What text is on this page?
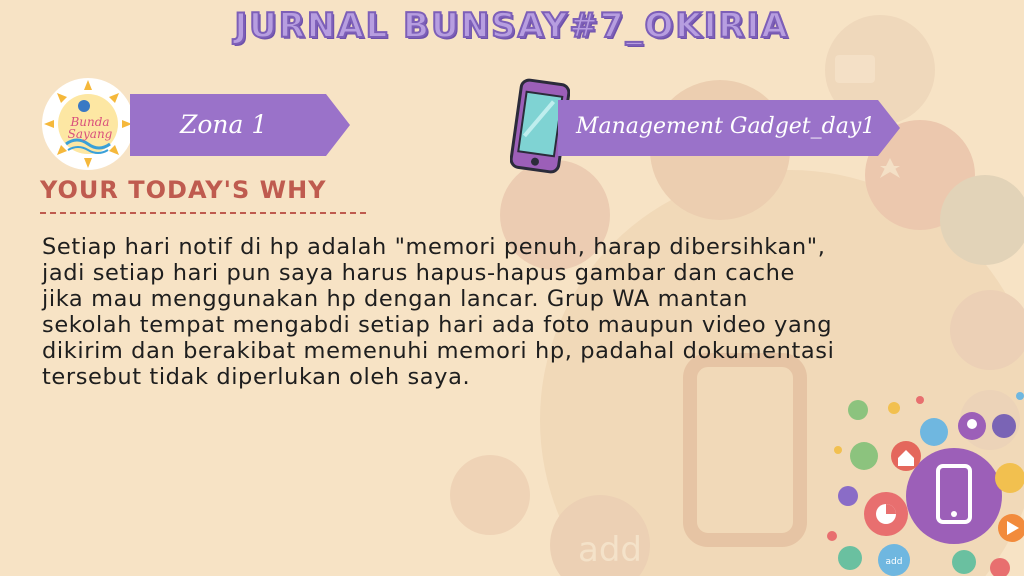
add
JURNAL BUNSAY#7_OKIRIA
Bunda
Sayang	Zona 1	Management Gadget_day1
YOUR TODAY'S WHY
Setiap hari notif di hp adalah "memori penuh, harap dibersihkan", jadi setiap hari pun saya harus hapus-hapus gambar dan cache jika mau menggunakan hp dengan lancar. Grup WA mantan sekolah tempat mengabdi setiap hari ada foto maupun video yang dikirim dan berakibat memenuhi memori hp, padahal dokumentasi tersebut tidak diperlukan oleh saya.
add
